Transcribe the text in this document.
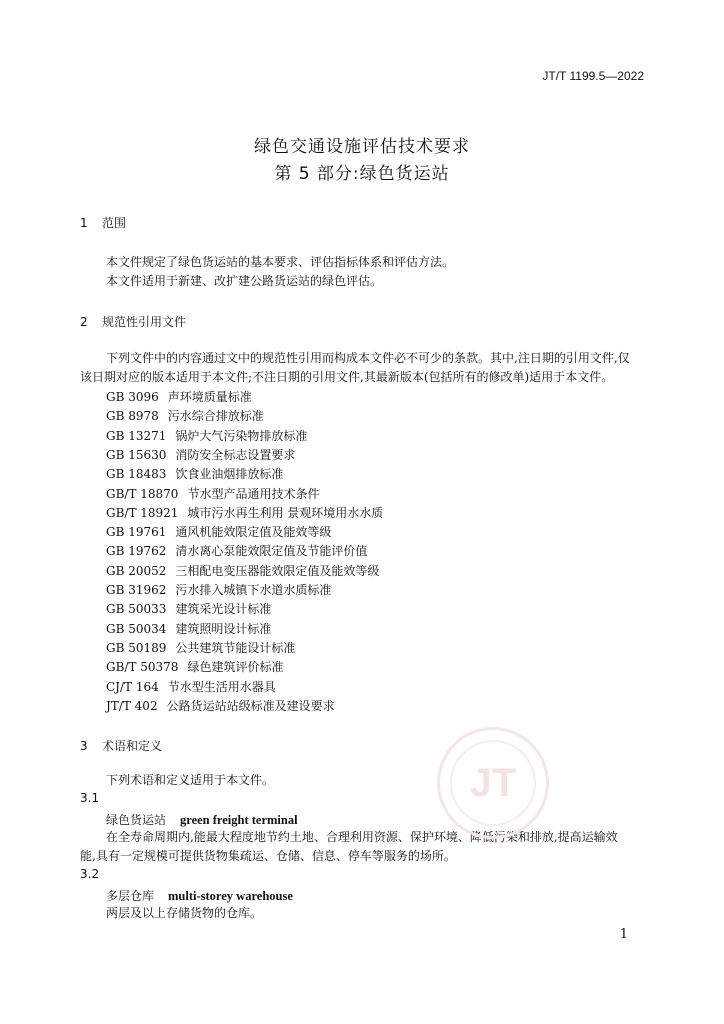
JT/T 1199.5—2022
绿色交通设施评估技术要求
第 5 部分:绿色货运站
1 范围
本文件规定了绿色货运站的基本要求、评估指标体系和评估方法。
本文件适用于新建、改扩建公路货运站的绿色评估。
2 规范性引用文件
下列文件中的内容通过文中的规范性引用而构成本文件必不可少的条款。其中,注日期的引用文件,仅
该日期对应的版本适用于本文件;不注日期的引用文件,其最新版本(包括所有的修改单)适用于本文件。
GB 3096 声环境质量标准
GB 8978 污水综合排放标准
GB 13271 锅炉大气污染物排放标准
GB 15630 消防安全标志设置要求
GB 18483 饮食业油烟排放标准
GB/T 18870 节水型产品通用技术条件
GB/T 18921 城市污水再生利用 景观环境用水水质
GB 19761 通风机能效限定值及能效等级
GB 19762 清水离心泵能效限定值及节能评价值
GB 20052 三相配电变压器能效限定值及能效等级
GB 31962 污水排入城镇下水道水质标准
GB 50033 建筑采光设计标准
GB 50034 建筑照明设计标准
GB 50189 公共建筑节能设计标准
GB/T 50378 绿色建筑评价标准
CJ/T 164 节水型生活用水器具
JT/T 402 公路货运站站级标准及建设要求
3 术语和定义
下列术语和定义适用于本文件。
3.1
绿色货运站 green freight terminal
在全寿命周期内,能最大程度地节约土地、合理利用资源、保护环境、降低污染和排放,提高运输效
能,具有一定规模可提供货物集疏运、仓储、信息、停车等服务的场所。
3.2
多层仓库 multi-storey warehouse
两层及以上存储货物的仓库。
JT
1
